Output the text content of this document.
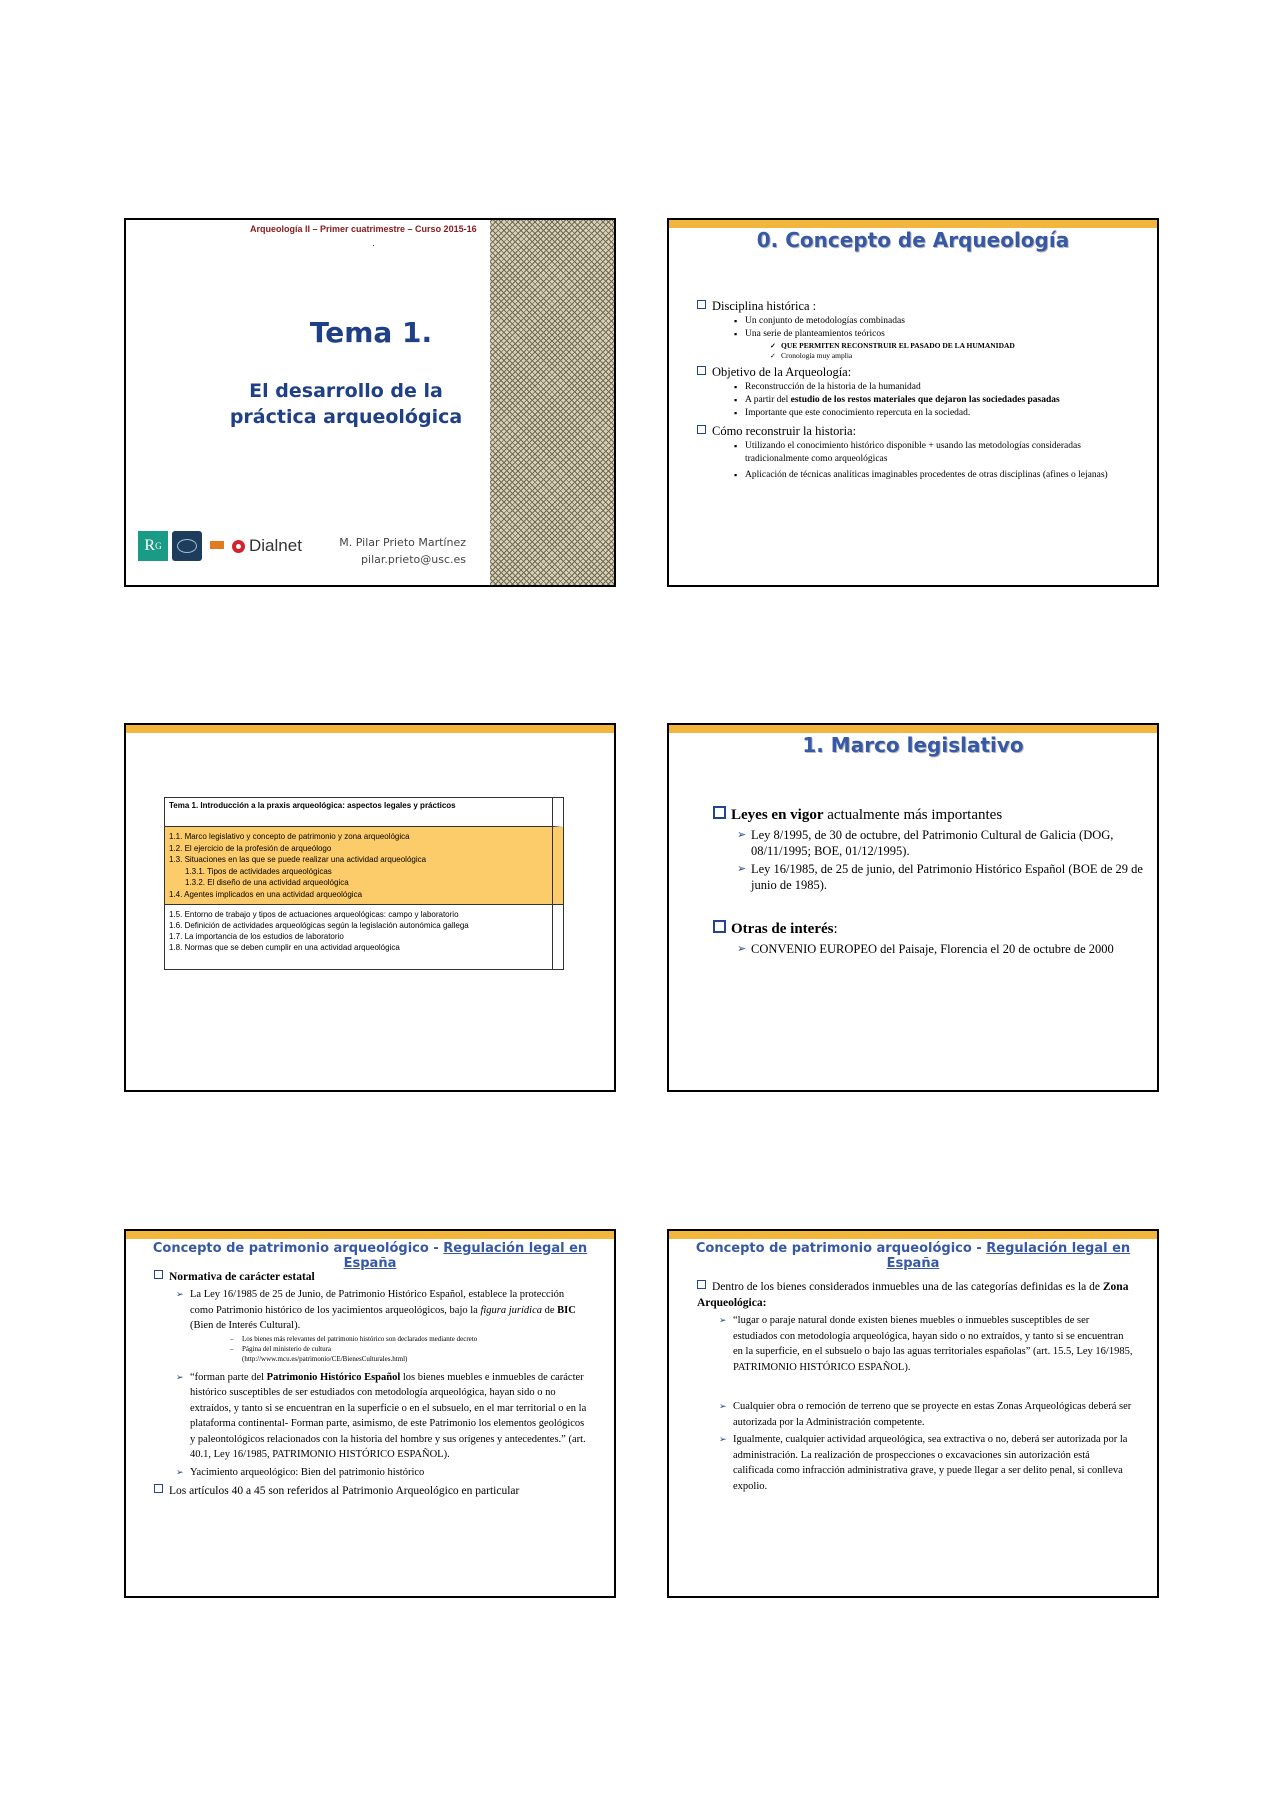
Arqueología II – Primer cuatrimestre – Curso 2015-16
·
Tema 1.
El desarrollo de la práctica arqueológica
R G	Dialnet	M. Pilar Prieto Martínez
pilar.prieto@usc.es
0. Concepto de Arqueología
Disciplina histórica :
▪ Un conjunto de metodologías combinadas
▪ Una serie de planteamientos teóricos
✓ QUE PERMITEN RECONSTRUIR EL PASADO DE LA HUMANIDAD
✓ Cronología muy amplia
Objetivo de la Arqueología:
▪ Reconstrucción de la historia de la humanidad
▪ A partir del estudio de los restos materiales que dejaron las sociedades pasadas
▪ Importante que este conocimiento repercuta en la sociedad.
Cómo reconstruir la historia:
▪ Utilizando el conocimiento histórico disponible + usando las metodologías consideradas tradicionalmente como arqueológicas
▪ Aplicación de técnicas analíticas imaginables procedentes de otras disciplinas (afines o lejanas)
Tema 1. Introducción a la praxis arqueológica: aspectos legales y prácticos
1.1. Marco legislativo y concepto de patrimonio y zona arqueológica
1.2. El ejercicio de la profesión de arqueólogo
1.3. Situaciones en las que se puede realizar una actividad arqueológica
1.3.1. Tipos de actividades arqueológicas
1.3.2. El diseño de una actividad arqueológica
1.4. Agentes implicados en una actividad arqueológica
1.5. Entorno de trabajo y tipos de actuaciones arqueológicas: campo y laboratorio
1.6. Definición de actividades arqueológicas según la legislación autonómica gallega
1.7. La importancia de los estudios de laboratorio
1.8. Normas que se deben cumplir en una actividad arqueológica
1. Marco legislativo
Leyes en vigor actualmente más importantes
➢ Ley 8/1995, de 30 de octubre, del Patrimonio Cultural de Galicia (DOG, 08/11/1995; BOE, 01/12/1995).
➢ Ley 16/1985, de 25 de junio, del Patrimonio Histórico Español (BOE de 29 de junio de 1985).
Otras de interés:
➢ CONVENIO EUROPEO del Paisaje, Florencia el 20 de octubre de 2000
Concepto de patrimonio arqueológico - Regulación legal en España
Normativa de carácter estatal
➢ La Ley 16/1985 de 25 de Junio, de Patrimonio Histórico Español, establece la protección como Patrimonio histórico de los yacimientos arqueológicos, bajo la figura jurídica de BIC (Bien de Interés Cultural).
– Los bienes más relevantes del patrimonio histórico son declarados mediante decreto
– Página del ministerio de cultura
(http://www.mcu.es/patrimonio/CE/BienesCulturales.html)
➢ “forman parte del Patrimonio Histórico Español los bienes muebles e inmuebles de carácter histórico susceptibles de ser estudiados con metodología arqueológica, hayan sido o no extraídos, y tanto si se encuentran en la superficie o en el subsuelo, en el mar territorial o en la plataforma continental- Forman parte, asimismo, de este Patrimonio los elementos geológicos y paleontológicos relacionados con la historia del hombre y sus orígenes y antecedentes.” (art. 40.1, Ley 16/1985, PATRIMONIO HISTÓRICO ESPAÑOL).
➢ Yacimiento arqueológico: Bien del patrimonio histórico
Los artículos 40 a 45 son referidos al Patrimonio Arqueológico en particular
Concepto de patrimonio arqueológico - Regulación legal en España
Dentro de los bienes considerados inmuebles una de las categorías definidas es la de Zona Arqueológica:
➢ “lugar o paraje natural donde existen bienes muebles o inmuebles susceptibles de ser estudiados con metodología arqueológica, hayan sido o no extraídos, y tanto si se encuentran en la superficie, en el subsuelo o bajo las aguas territoriales españolas” (art. 15.5, Ley 16/1985, PATRIMONIO HISTÓRICO ESPAÑOL).
➢ Cualquier obra o remoción de terreno que se proyecte en estas Zonas Arqueológicas deberá ser autorizada por la Administración competente.
➢ Igualmente, cualquier actividad arqueológica, sea extractiva o no, deberá ser autorizada por la administración. La realización de prospecciones o excavaciones sin autorización está calificada como infracción administrativa grave, y puede llegar a ser delito penal, si conlleva expolio.
